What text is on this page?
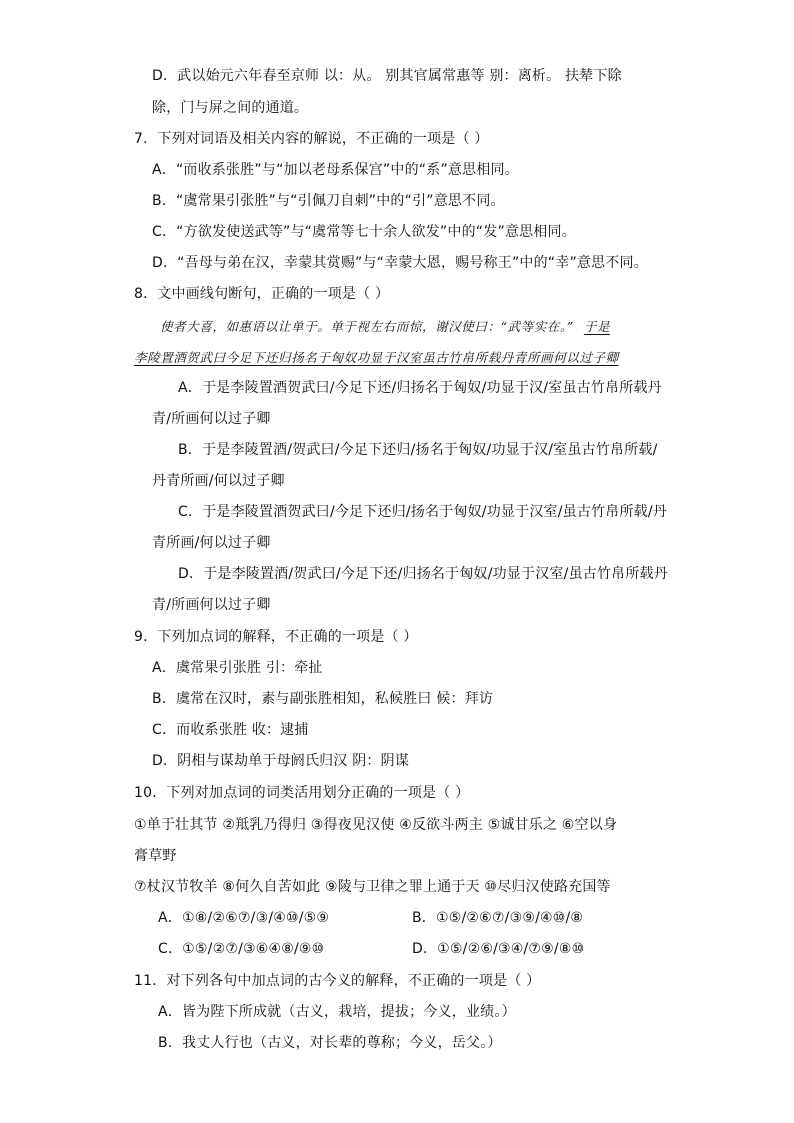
D．武以始元六年春至京师 以：从。 别其官属常惠等 别：离析。 扶辇下除
除，门与屏之间的通道。
7．下列对词语及相关内容的解说，不正确的一项是（ ）
A．“而收系张胜”与“加以老母系保宫”中的“系”意思相同。
B．“虞常果引张胜”与“引佩刀自刺”中的“引”意思不同。
C．“方欲发使送武等”与“虞常等七十余人欲发”中的“发”意思相同。
D．“吾母与弟在汉，幸蒙其赏赐”与“幸蒙大恩，赐号称王”中的“幸”意思不同。
8．文中画线句断句，正确的一项是（ ）
使者大喜，如惠语以让单于。单于视左右而惊，谢汉使曰：“武等实在。” 于是
李陵置酒贺武曰今足下还归扬名于匈奴功显于汉室虽古竹帛所载丹青所画何以过子卿
A．于是李陵置酒贺武曰/今足下还/归扬名于匈奴/功显于汉/室虽古竹帛所载丹
青/所画何以过子卿
B．于是李陵置酒/贺武曰/今足下还归/扬名于匈奴/功显于汉/室虽古竹帛所载/
丹青所画/何以过子卿
C．于是李陵置酒贺武曰/今足下还归/扬名于匈奴/功显于汉室/虽古竹帛所载/丹
青所画/何以过子卿
D．于是李陵置酒/贺武曰/今足下还/归扬名于匈奴/功显于汉室/虽古竹帛所载丹
青/所画何以过子卿
9．下列加点词的解释，不正确的一项是（ ）
A．虞常果引张胜 引：牵扯
B．虞常在汉时，素与副张胜相知，私候胜曰 候：拜访
C．而收系张胜 收：逮捕
D．阴相与谋劫单于母阏氏归汉 阴：阴谋
10．下列对加点词的词类活用划分正确的一项是（ ）
①单于壮其节 ②羝乳乃得归 ③得夜见汉使 ④反欲斗两主 ⑤诚甘乐之 ⑥空以身
膏草野
⑦杖汉节牧羊 ⑧何久自苦如此 ⑨陵与卫律之罪上通于天 ⑩尽归汉使路充国等
A．①⑧/②⑥⑦/③/④⑩/⑤⑨	B．①⑤/②⑥⑦/③⑨/④⑩/⑧
C．①⑤/②⑦/③⑥④⑧/⑨⑩	D．①⑤/②⑥/③④/⑦⑨/⑧⑩
11．对下列各句中加点词的古今义的解释，不正确的一项是（ ）
A．皆为陛下所成就（古义，栽培，提拔；今义，业绩。）
B．我丈人行也（古义，对长辈的尊称；今义，岳父。）
